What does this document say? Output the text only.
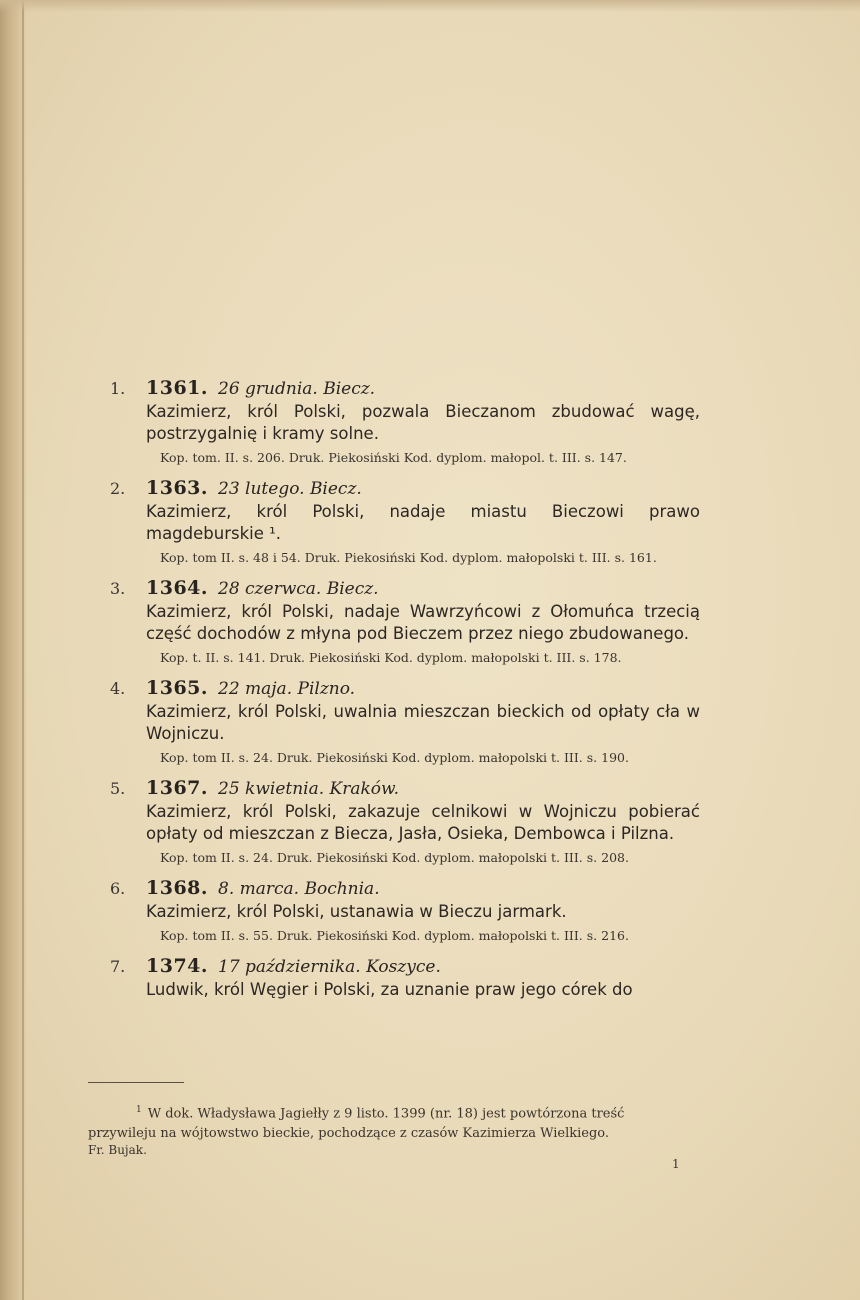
1.	1361. 26 grudnia. Biecz.
Kazimierz, król Polski, pozwala Bieczanom zbudować wagę, postrzygalnię i kramy solne.
Kop. tom. II. s. 206. Druk. Piekosiński Kod. dyplom. małopol. t. III. s. 147.
2.	1363. 23 lutego. Biecz.
Kazimierz, król Polski, nadaje miastu Bieczowi prawo magdeburskie ¹.
Kop. tom II. s. 48 i 54. Druk. Piekosiński Kod. dyplom. małopolski t. III. s. 161.
3.	1364. 28 czerwca. Biecz.
Kazimierz, król Polski, nadaje Wawrzyńcowi z Ołomuńca trzecią część dochodów z młyna pod Bieczem przez niego zbudowanego.
Kop. t. II. s. 141. Druk. Piekosiński Kod. dyplom. małopolski t. III. s. 178.
4.	1365. 22 maja. Pilzno.
Kazimierz, król Polski, uwalnia mieszczan bieckich od opłaty cła w Wojniczu.
Kop. tom II. s. 24. Druk. Piekosiński Kod. dyplom. małopolski t. III. s. 190.
5.	1367. 25 kwietnia. Kraków.
Kazimierz, król Polski, zakazuje celnikowi w Wojniczu pobierać opłaty od mieszczan z Biecza, Jasła, Osieka, Dembowca i Pilzna.
Kop. tom II. s. 24. Druk. Piekosiński Kod. dyplom. małopolski t. III. s. 208.
6.	1368. 8. marca. Bochnia.
Kazimierz, król Polski, ustanawia w Bieczu jarmark.
Kop. tom II. s. 55. Druk. Piekosiński Kod. dyplom. małopolski t. III. s. 216.
7.	1374. 17 października. Koszyce.
Ludwik, król Węgier i Polski, za uznanie praw jego córek do
$^1$ W dok. Władysława Jagiełły z 9 listo. 1399 (nr. 18) jest powtórzona treść przywileju na wójtowstwo bieckie, pochodzące z czasów Kazimierza Wielkiego.
Fr. Bujak.
1
